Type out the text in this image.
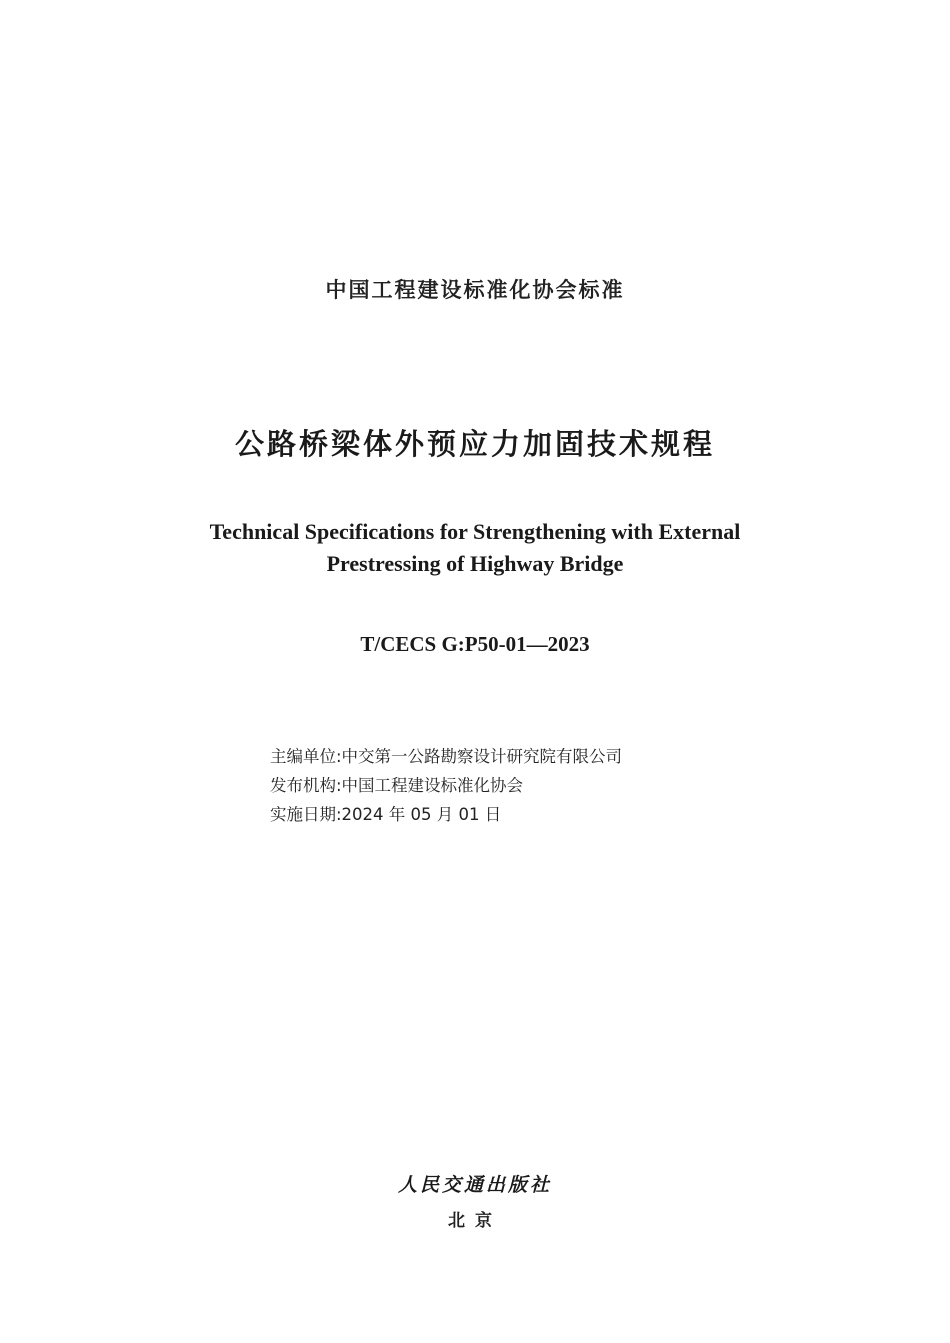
中国工程建设标准化协会标准
公路桥梁体外预应力加固技术规程
Technical Specifications for Strengthening with External
Prestressing of Highway Bridge
T/CECS G:P50-01—2023
主编单位:中交第一公路勘察设计研究院有限公司
发布机构:中国工程建设标准化协会
实施日期:2024 年 05 月 01 日
人民交通出版社
北京
